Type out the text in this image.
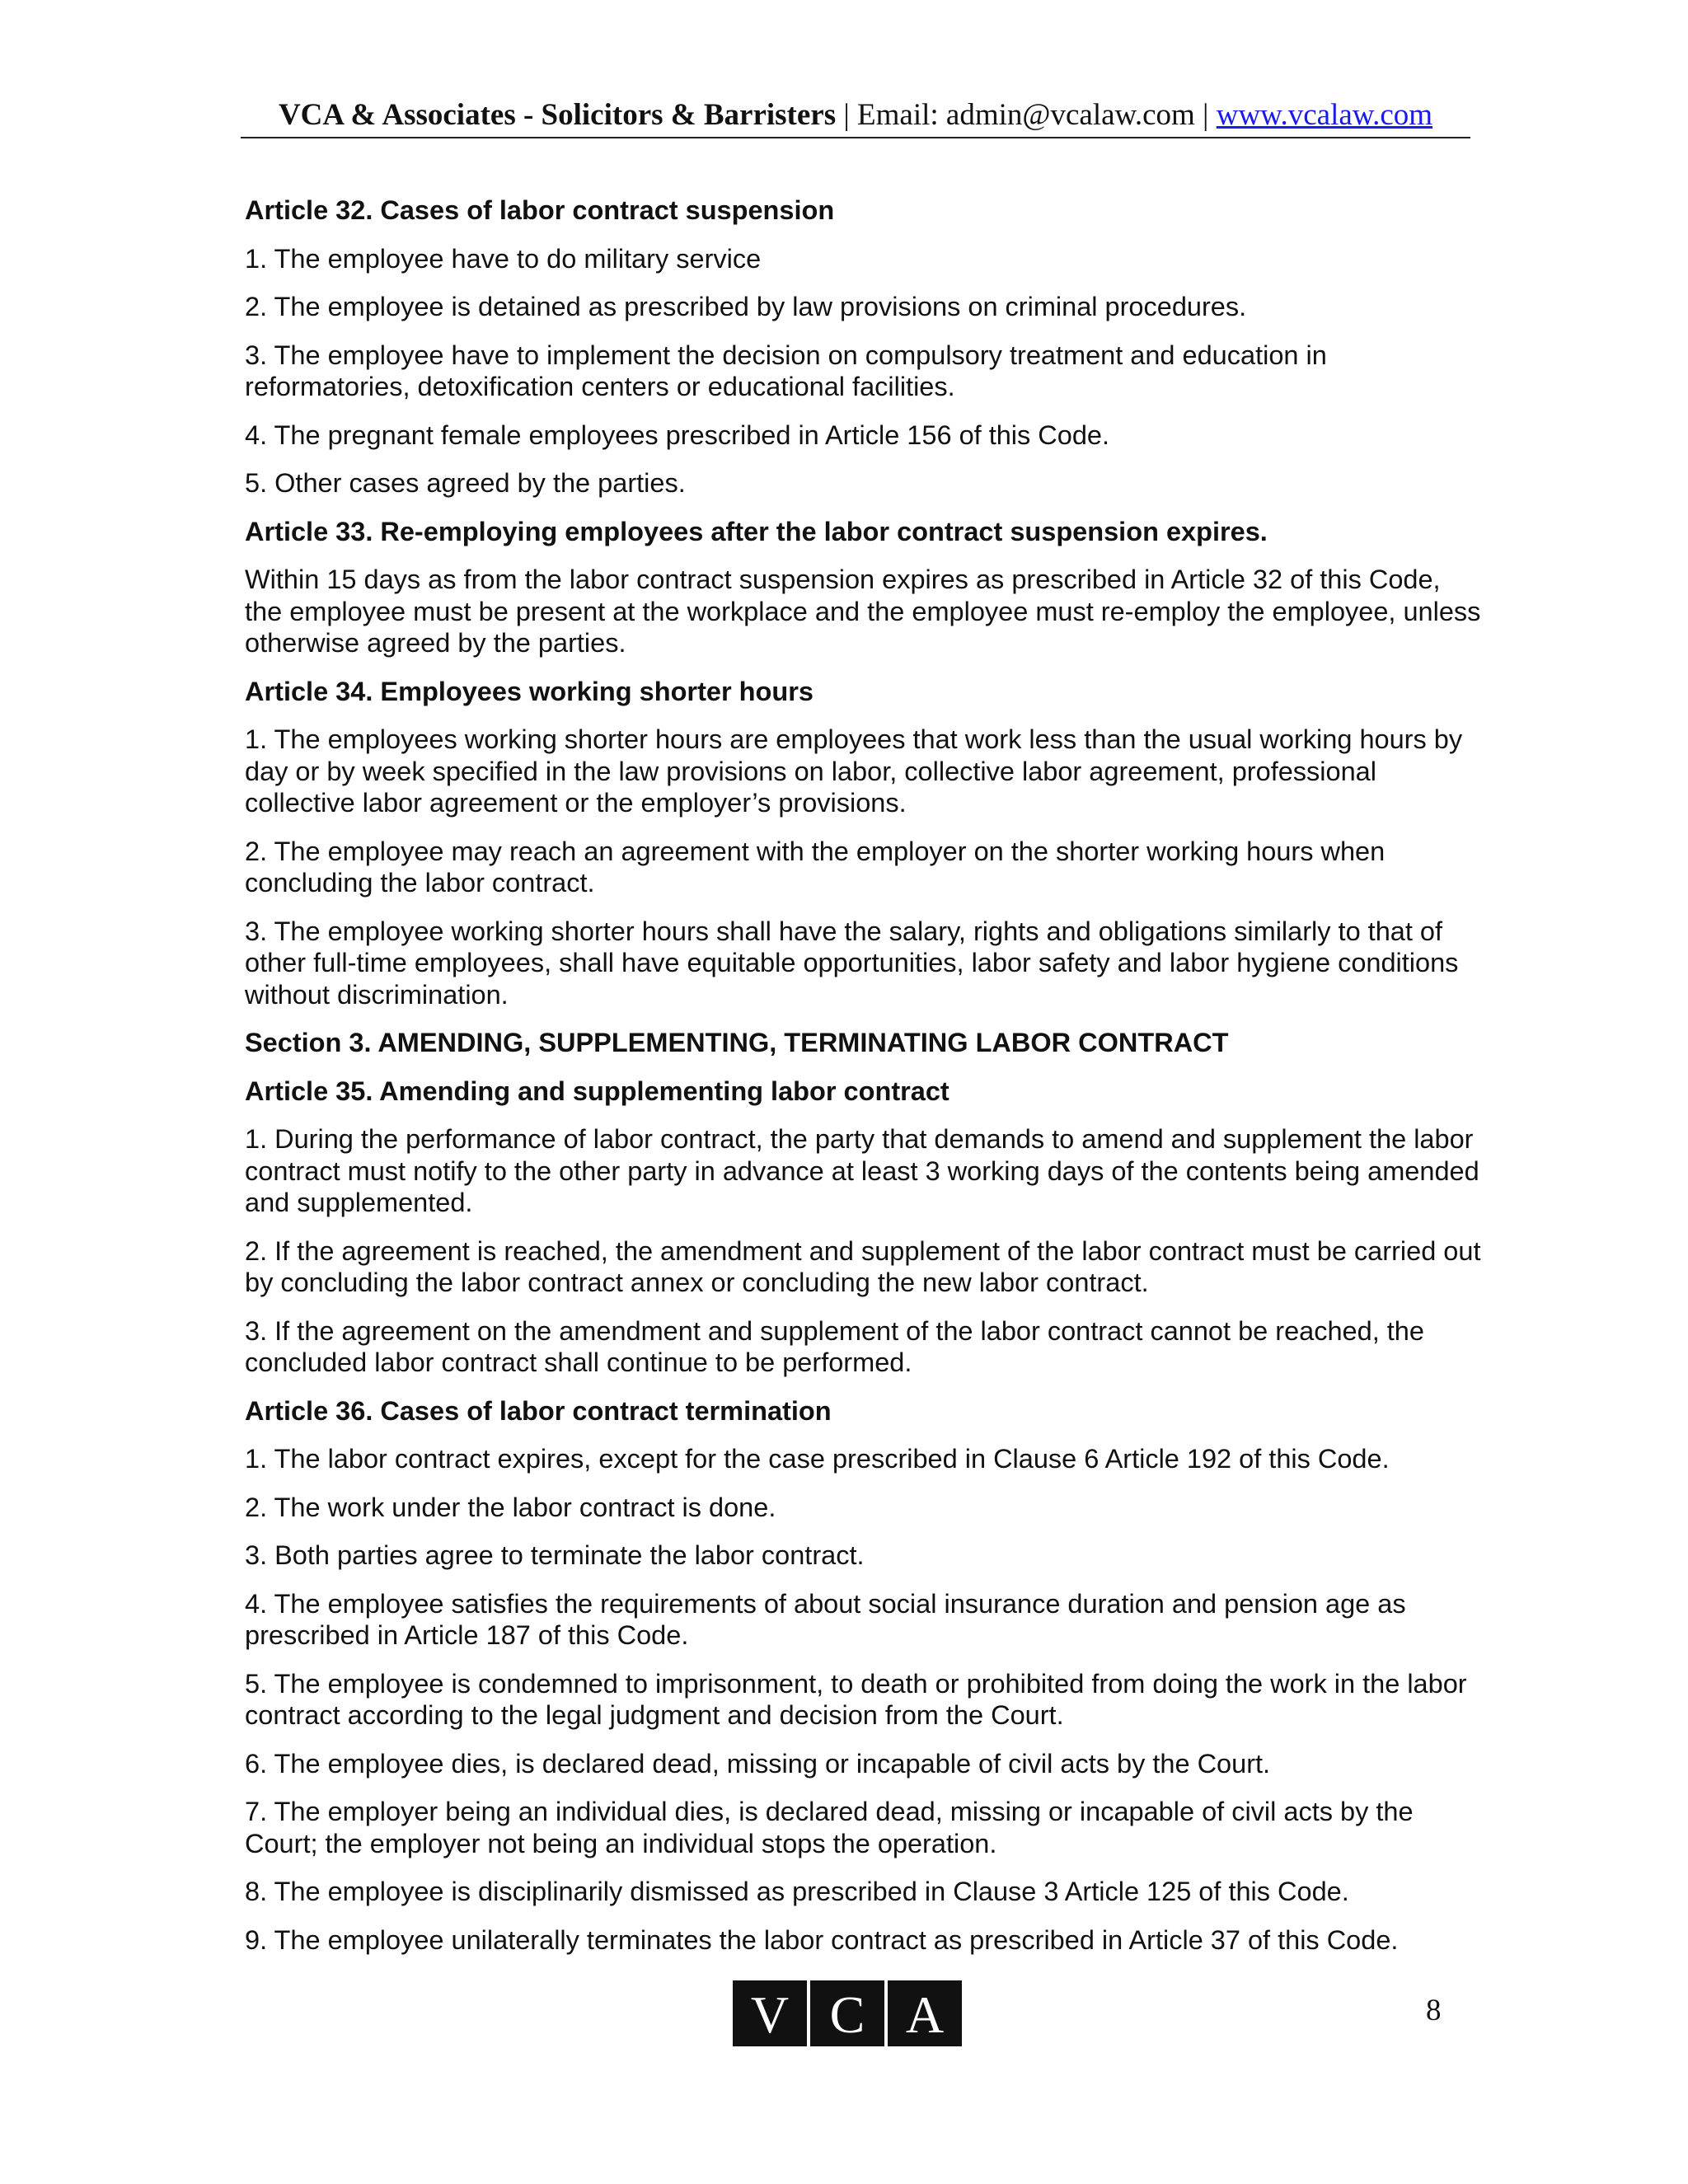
VCA & Associates - Solicitors & Barristers | Email: admin@vcalaw.com | www.vcalaw.com
Article 32. Cases of labor contract suspension

1. The employee have to do military service

2. The employee is detained as prescribed by law provisions on criminal procedures.

3. The employee have to implement the decision on compulsory treatment and education in reformatories, detoxification centers or educational facilities.

4. The pregnant female employees prescribed in Article 156 of this Code.

5. Other cases agreed by the parties.

Article 33. Re-employing employees after the labor contract suspension expires.

Within 15 days as from the labor contract suspension expires as prescribed in Article 32 of this Code, the employee must be present at the workplace and the employee must re-employ the employee, unless otherwise agreed by the parties.

Article 34. Employees working shorter hours

1. The employees working shorter hours are employees that work less than the usual working hours by day or by week specified in the law provisions on labor, collective labor agreement, professional collective labor agreement or the employer’s provisions.

2. The employee may reach an agreement with the employer on the shorter working hours when concluding the labor contract.

3. The employee working shorter hours shall have the salary, rights and obligations similarly to that of other full-time employees, shall have equitable opportunities, labor safety and labor hygiene conditions without discrimination.

Section 3. AMENDING, SUPPLEMENTING, TERMINATING LABOR CONTRACT
Article 35. Amending and supplementing labor contract

1. During the performance of labor contract, the party that demands to amend and supplement the labor contract must notify to the other party in advance at least 3 working days of the contents being amended and supplemented.

2. If the agreement is reached, the amendment and supplement of the labor contract must be carried out by concluding the labor contract annex or concluding the new labor contract.

3. If the agreement on the amendment and supplement of the labor contract cannot be reached, the concluded labor contract shall continue to be performed.

Article 36. Cases of labor contract termination

1. The labor contract expires, except for the case prescribed in Clause 6 Article 192 of this Code.

2. The work under the labor contract is done.

3. Both parties agree to terminate the labor contract.

4. The employee satisfies the requirements of about social insurance duration and pension age as prescribed in Article 187 of this Code.

5. The employee is condemned to imprisonment, to death or prohibited from doing the work in the labor contract according to the legal judgment and decision from the Court.

6. The employee dies, is declared dead, missing or incapable of civil acts by the Court.

7. The employer being an individual dies, is declared dead, missing or incapable of civil acts by the Court; the employer not being an individual stops the operation.

8. The employee is disciplinarily dismissed as prescribed in Clause 3 Article 125 of this Code.

9. The employee unilaterally terminates the labor contract as prescribed in Article 37 of this Code.

V C A	8
